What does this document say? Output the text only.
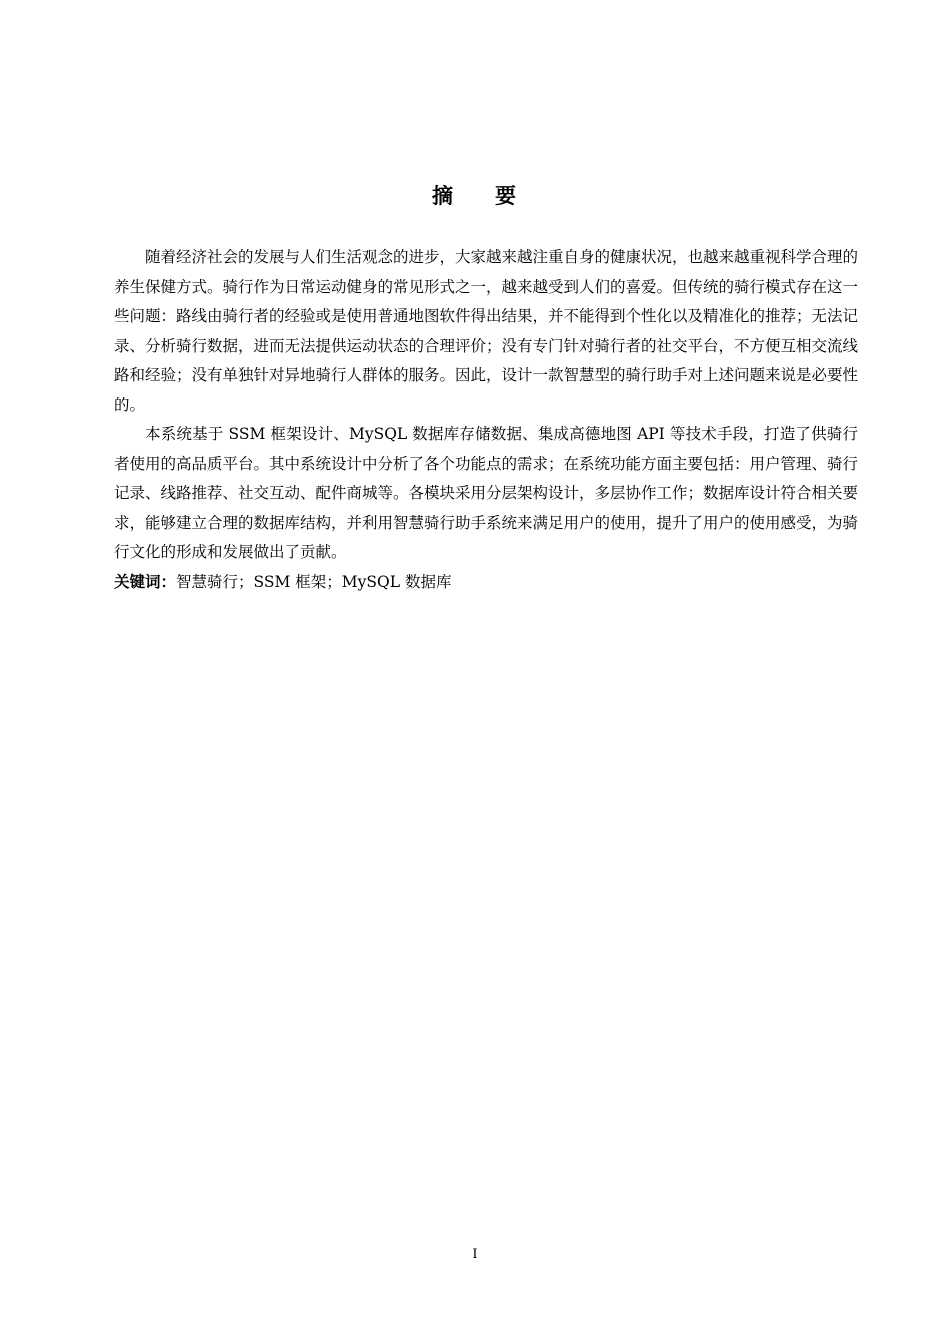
摘 要

随着经济社会的发展与人们生活观念的进步，大家越来越注重自身的健康状况，也越来越重视科学合理的养生保健方式。骑行作为日常运动健身的常见形式之一，越来越受到人们的喜爱。但传统的骑行模式存在这一些问题：路线由骑行者的经验或是使用普通地图软件得出结果，并不能得到个性化以及精准化的推荐；无法记录、分析骑行数据，进而无法提供运动状态的合理评价；没有专门针对骑行者的社交平台，不方便互相交流线路和经验；没有单独针对异地骑行人群体的服务。因此，设计一款智慧型的骑行助手对上述问题来说是必要性的。

本系统基于 SSM 框架设计、MySQL 数据库存储数据、集成高德地图 API 等技术手段，打造了供骑行者使用的高品质平台。其中系统设计中分析了各个功能点的需求；在系统功能方面主要包括：用户管理、骑行记录、线路推荐、社交互动、配件商城等。各模块采用分层架构设计，多层协作工作；数据库设计符合相关要求，能够建立合理的数据库结构，并利用智慧骑行助手系统来满足用户的使用，提升了用户的使用感受，为骑行文化的形成和发展做出了贡献。

关键词：智慧骑行；SSM 框架；MySQL 数据库

I
